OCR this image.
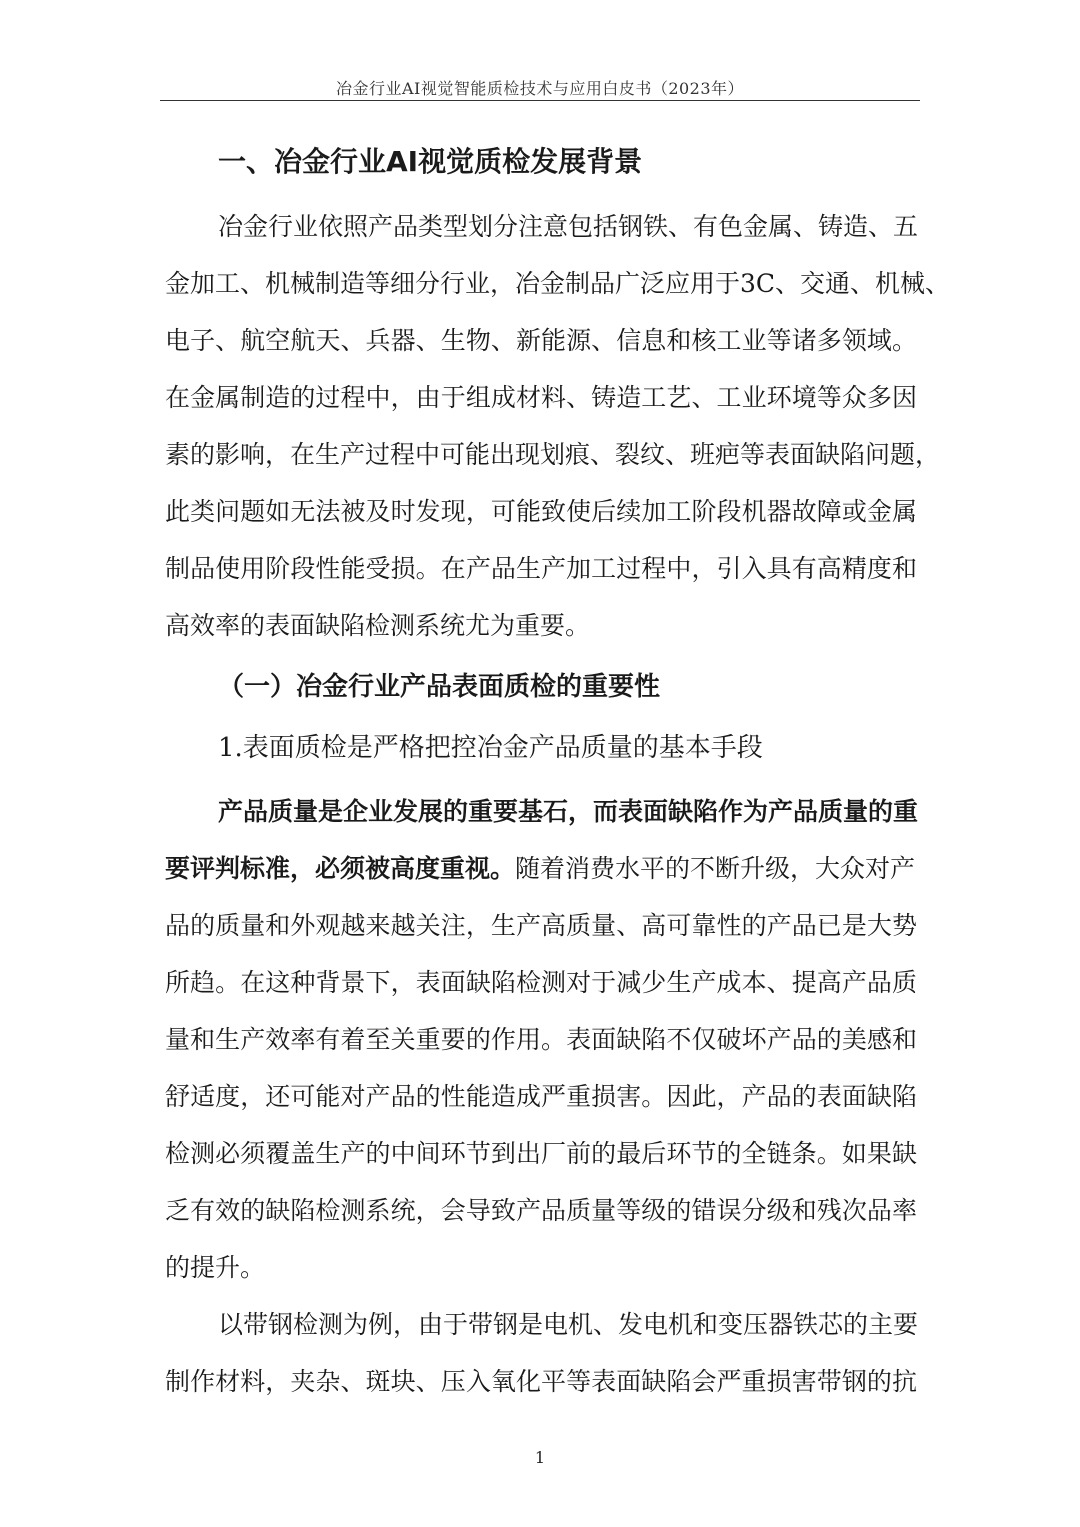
冶金行业AI视觉智能质检技术与应用白皮书（2023年）
一、冶金行业AI视觉质检发展背景
冶金行业依照产品类型划分注意包括钢铁、有色金属、铸造、五
金加工、机械制造等细分行业，冶金制品广泛应用于3C、交通、机械、
电子、航空航天、兵器、生物、新能源、信息和核工业等诸多领域。
在金属制造的过程中，由于组成材料、铸造工艺、工业环境等众多因
素的影响，在生产过程中可能出现划痕、裂纹、班疤等表面缺陷问题，
此类问题如无法被及时发现，可能致使后续加工阶段机器故障或金属
制品使用阶段性能受损。在产品生产加工过程中，引入具有高精度和
高效率的表面缺陷检测系统尤为重要。
（一）冶金行业产品表面质检的重要性
1.表面质检是严格把控冶金产品质量的基本手段
产品质量是企业发展的重要基石，而表面缺陷作为产品质量的重
要评判标准，必须被高度重视。随着消费水平的不断升级，大众对产
品的质量和外观越来越关注，生产高质量、高可靠性的产品已是大势
所趋。在这种背景下，表面缺陷检测对于减少生产成本、提高产品质
量和生产效率有着至关重要的作用。表面缺陷不仅破坏产品的美感和
舒适度，还可能对产品的性能造成严重损害。因此，产品的表面缺陷
检测必须覆盖生产的中间环节到出厂前的最后环节的全链条。如果缺
乏有效的缺陷检测系统，会导致产品质量等级的错误分级和残次品率
的提升。
以带钢检测为例，由于带钢是电机、发电机和变压器铁芯的主要
制作材料，夹杂、斑块、压入氧化平等表面缺陷会严重损害带钢的抗
1
